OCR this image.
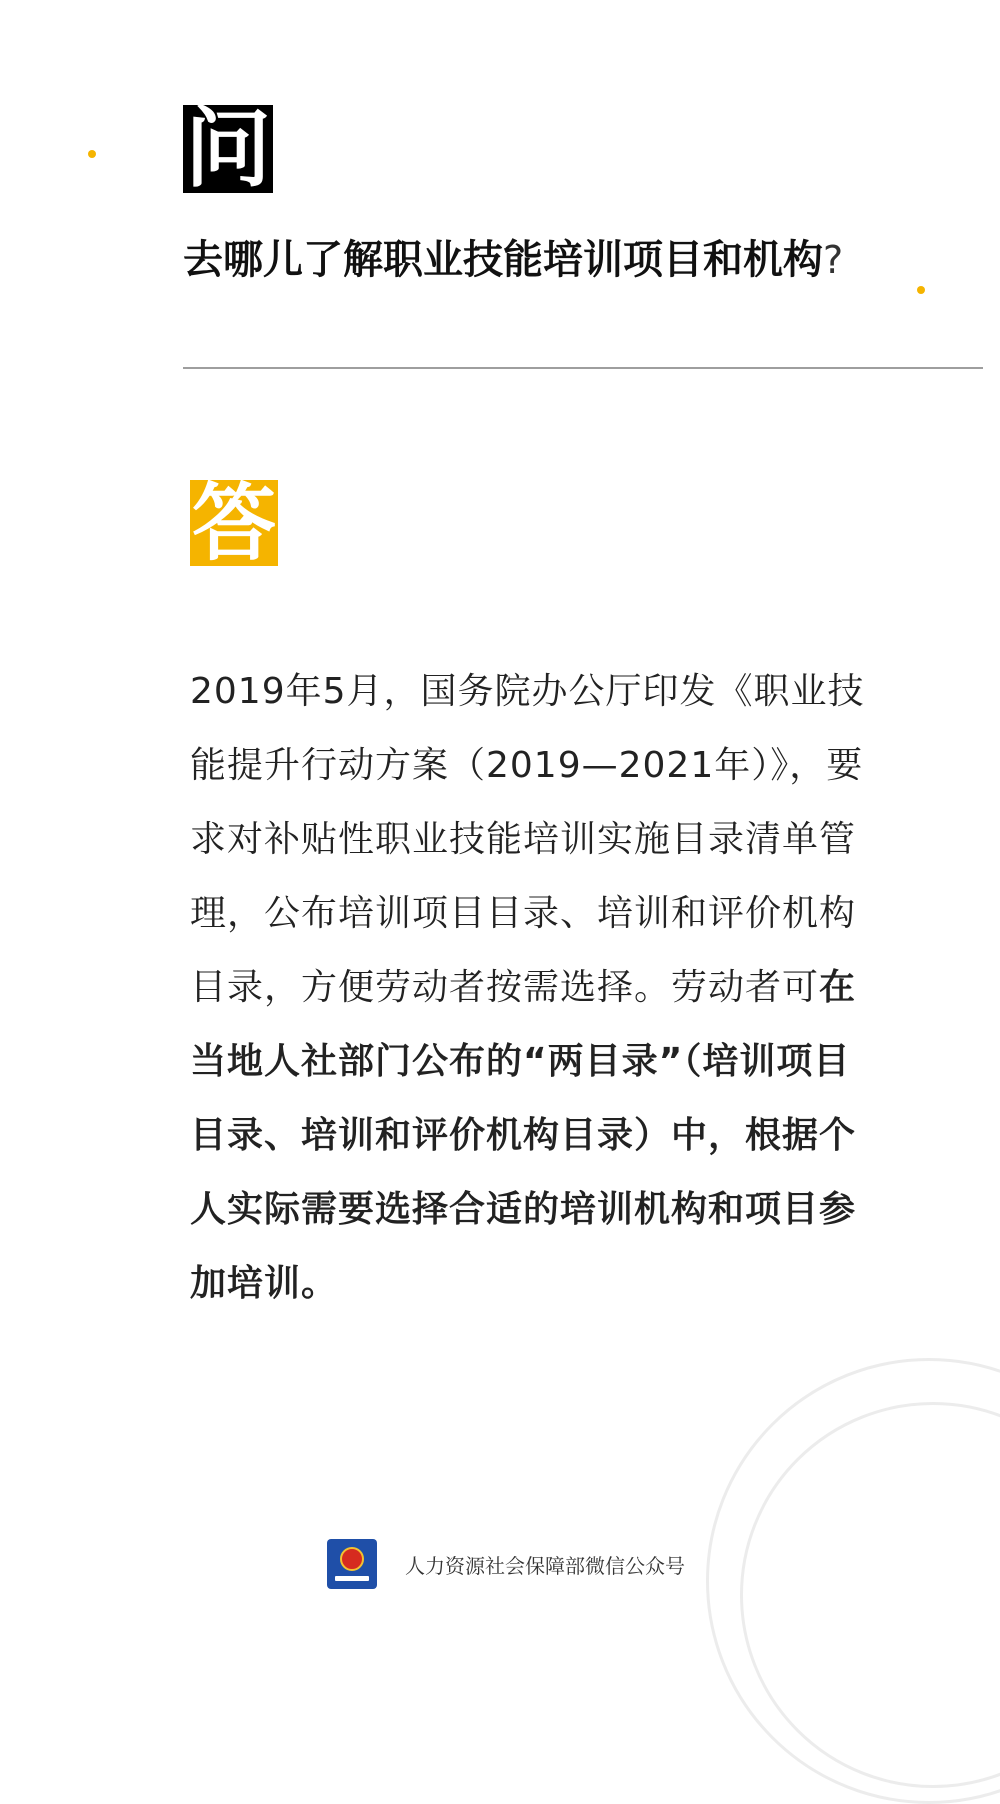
问
去哪儿了解职业技能培训项目和机构?
答

2019年5月，国务院办公厅印发《职业技能提升行动方案（2019—2021年）》，要求对补贴性职业技能培训实施目录清单管理，公布培训项目目录、培训和评价机构目录，方便劳动者按需选择。劳动者可在当地人社部门公布的“两目录”（培训项目目录、培训和评价机构目录）中，根据个人实际需要选择合适的培训机构和项目参加培训。

人力资源社会保障部微信公众号
